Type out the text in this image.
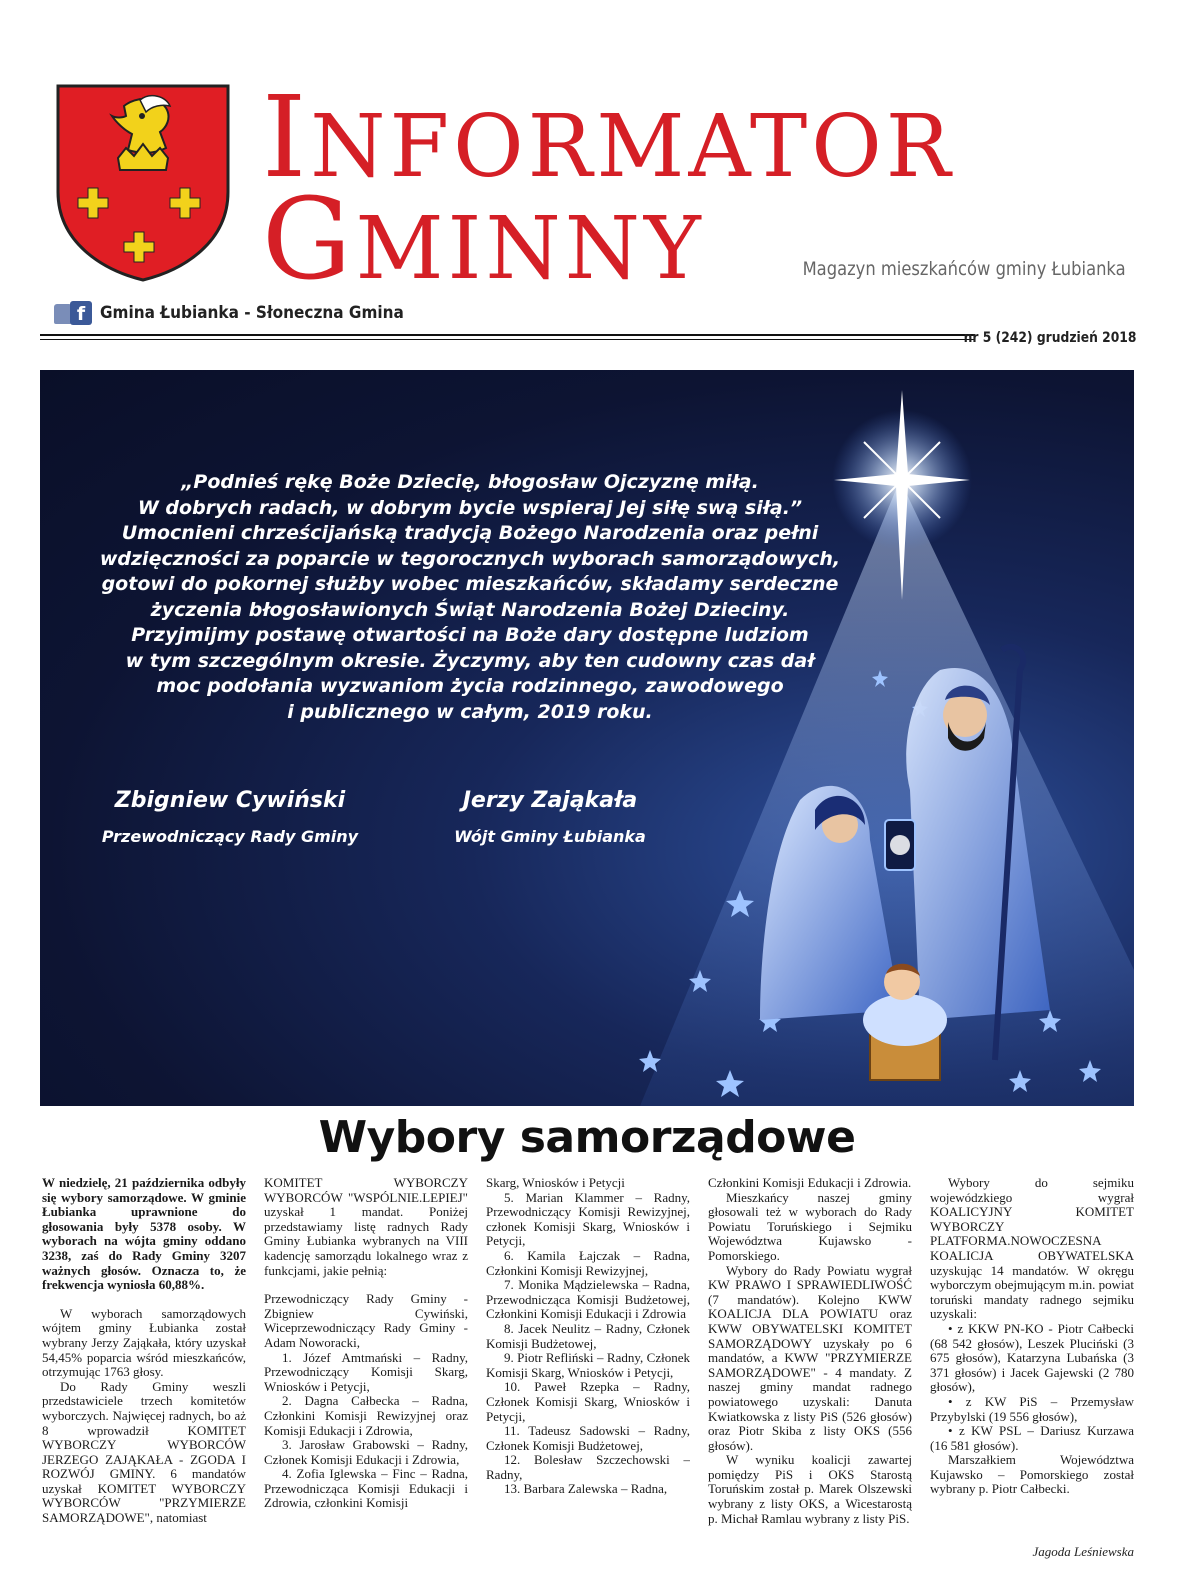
INFORMATOR
GMINNY	Magazyn mieszkańców gminy Łubianka
f Gmina Łubianka - Słoneczna Gmina
nr 5 (242) grudzień 2018
„Podnieś rękę Boże Dziecię, błogosław Ojczyznę miłą.
W dobrych radach, w dobrym bycie wspieraj Jej siłę swą siłą.”
Umocnieni chrześcijańską tradycją Bożego Narodzenia oraz pełni
wdzięczności za poparcie w tegorocznych wyborach samorządowych,
gotowi do pokornej służby wobec mieszkańców, składamy serdeczne
życzenia błogosławionych Świąt Narodzenia Bożej Dzieciny.
Przyjmijmy postawę otwartości na Boże dary dostępne ludziom
w tym szczególnym okresie. Życzymy, aby ten cudowny czas dał
moc podołania wyzwaniom życia rodzinnego, zawodowego
i publicznego w całym, 2019 roku.
Zbigniew Cywiński
Przewodniczący Rady Gminy
Jerzy Zająkała
Wójt Gminy Łubianka
Wybory samorządowe

W niedzielę, 21 października odbyły się wybory samorządowe. W gminie Łubianka uprawnione do głosowania były 5378 osoby. W wyborach na wójta gminy oddano 3238, zaś do Rady Gminy 3207 ważnych głosów. Oznacza to, że frekwencja wyniosła 60,88%.

W wyborach samorządowych wójtem gminy Łubianka został wybrany Jerzy Zająkała, który uzyskał 54,45% poparcia wśród mieszkańców, otrzymując 1763 głosy.

Do Rady Gminy weszli przedstawiciele trzech komitetów wyborczych. Najwięcej radnych, bo aż 8 wprowadził KOMITET WYBORCZY WYBORCÓW JERZEGO ZAJĄKAŁA - ZGODA I ROZWÓJ GMINY. 6 mandatów uzyskał KOMITET WYBORCZY WYBORCÓW "PRZYMIERZE SAMORZĄDOWE", natomiast

KOMITET WYBORCZY WYBORCÓW "WSPÓLNIE.LEPIEJ" uzyskał 1 mandat. Poniżej przedstawiamy listę radnych Rady Gminy Łubianka wybranych na VIII kadencję samorządu lokalnego wraz z funkcjami, jakie pełnią:

Przewodniczący Rady Gminy - Zbigniew Cywiński, Wiceprzewodniczący Rady Gminy - Adam Noworacki,

1. Józef Amtmański – Radny, Przewodniczący Komisji Skarg, Wniosków i Petycji,

2. Dagna Całbecka – Radna, Członkini Komisji Rewizyjnej oraz Komisji Edukacji i Zdrowia,

3. Jarosław Grabowski – Radny, Członek Komisji Edukacji i Zdrowia,

4. Zofia Iglewska – Finc – Radna, Przewodnicząca Komisji Edukacji i Zdrowia, członkini Komisji

Skarg, Wniosków i Petycji

5. Marian Klammer – Radny, Przewodniczący Komisji Rewizyjnej, członek Komisji Skarg, Wniosków i Petycji,

6. Kamila Łajczak – Radna, Członkini Komisji Rewizyjnej,

7. Monika Mądzielewska – Radna, Przewodnicząca Komisji Budżetowej, Członkini Komisji Edukacji i Zdrowia

8. Jacek Neulitz – Radny, Członek Komisji Budżetowej,

9. Piotr Refliński – Radny, Członek Komisji Skarg, Wniosków i Petycji,

10. Paweł Rzepka – Radny, Członek Komisji Skarg, Wniosków i Petycji,

11. Tadeusz Sadowski – Radny, Członek Komisji Budżetowej,

12. Bolesław Szczechowski – Radny,

13. Barbara Zalewska – Radna,

Członkini Komisji Edukacji i Zdrowia.

Mieszkańcy naszej gminy głosowali też w wyborach do Rady Powiatu Toruńskiego i Sejmiku Województwa Kujawsko - Pomorskiego.

Wybory do Rady Powiatu wygrał KW PRAWO I SPRAWIEDLIWOŚĆ (7 mandatów). Kolejno KWW KOALICJA DLA POWIATU oraz KWW OBYWATELSKI KOMITET SAMORZĄDOWY uzyskały po 6 mandatów, a KWW "PRZYMIERZE SAMORZĄDOWE" - 4 mandaty. Z naszej gminy mandat radnego powiatowego uzyskali: Danuta Kwiatkowska z listy PiS (526 głosów) oraz Piotr Skiba z listy OKS (556 głosów).

W wyniku koalicji zawartej pomiędzy PiS i OKS Starostą Toruńskim został p. Marek Olszewski wybrany z listy OKS, a Wicestarostą p. Michał Ramlau wybrany z listy PiS.

Wybory do sejmiku wojewódzkiego wygrał KOALICYJNY KOMITET WYBORCZY PLATFORMA.NOWOCZESNA KOALICJA OBYWATELSKA uzyskując 14 mandatów. W okręgu wyborczym obejmującym m.in. powiat toruński mandaty radnego sejmiku uzyskali:

• z KKW PN-KO - Piotr Całbecki (68 542 głosów), Leszek Pluciński (3 675 głosów), Katarzyna Lubańska (3 371 głosów) i Jacek Gajewski (2 780 głosów),

• z KW PiS – Przemysław Przybylski (19 556 głosów),

• z KW PSL – Dariusz Kurzawa (16 581 głosów).

Marszałkiem Województwa Kujawsko – Pomorskiego został wybrany p. Piotr Całbecki.

Jagoda Leśniewska
